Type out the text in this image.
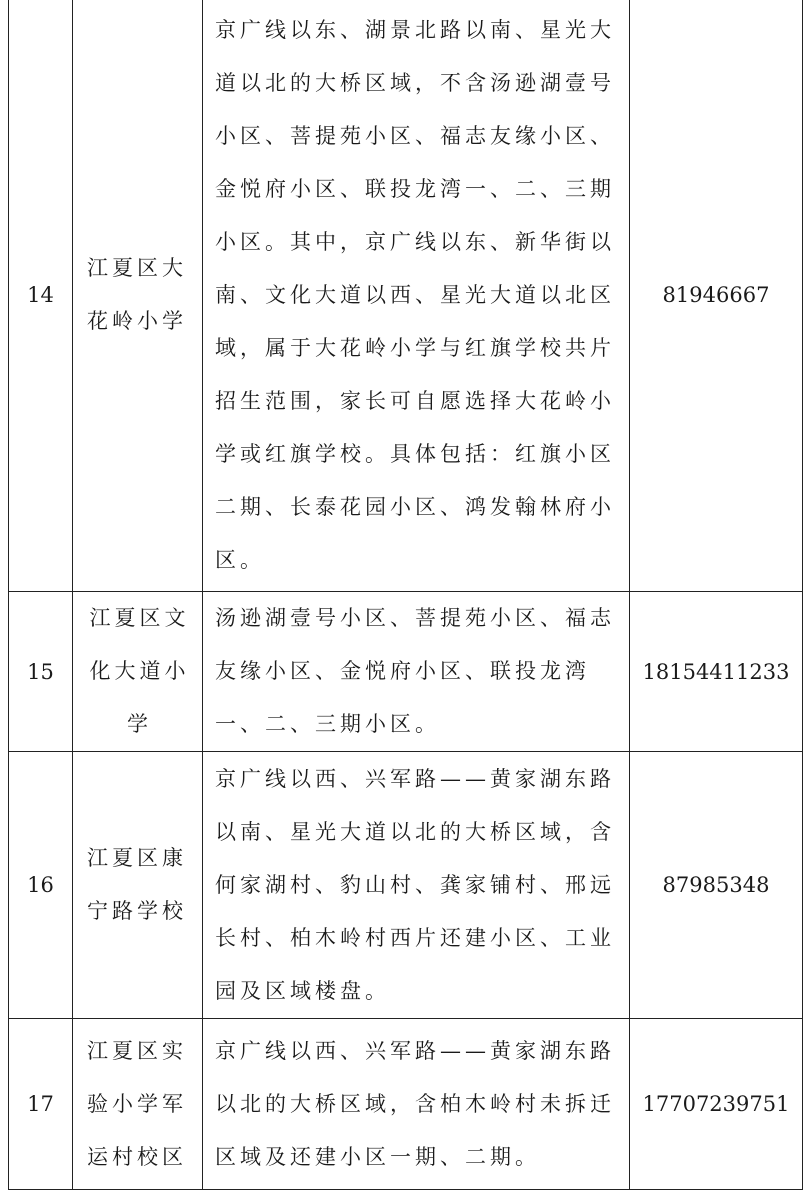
14	江夏区大花岭小学	京广线以东、湖景北路以南、星光大道以北的大桥区域，不含汤逊湖壹号小区、菩提苑小区、福志友缘小区、金悦府小区、联投龙湾一、二、三期小区。其中，京广线以东、新华街以南、文化大道以西、星光大道以北区域，属于大花岭小学与红旗学校共片招生范围，家长可自愿选择大花岭小学或红旗学校。具体包括：红旗小区二期、长泰花园小区、鸿发翰林府小区。	81946667
15	江夏区文化大道小学	汤逊湖壹号小区、菩提苑小区、福志友缘小区、金悦府小区、联投龙湾一、二、三期小区。	18154411233
16	江夏区康宁路学校	京广线以西、兴军路——黄家湖东路以南、星光大道以北的大桥区域，含何家湖村、豹山村、龚家铺村、邢远长村、柏木岭村西片还建小区、工业园及区域楼盘。	87985348
17	江夏区实验小学军运村校区	京广线以西、兴军路——黄家湖东路以北的大桥区域，含柏木岭村未拆迁区域及还建小区一期、二期。	17707239751
